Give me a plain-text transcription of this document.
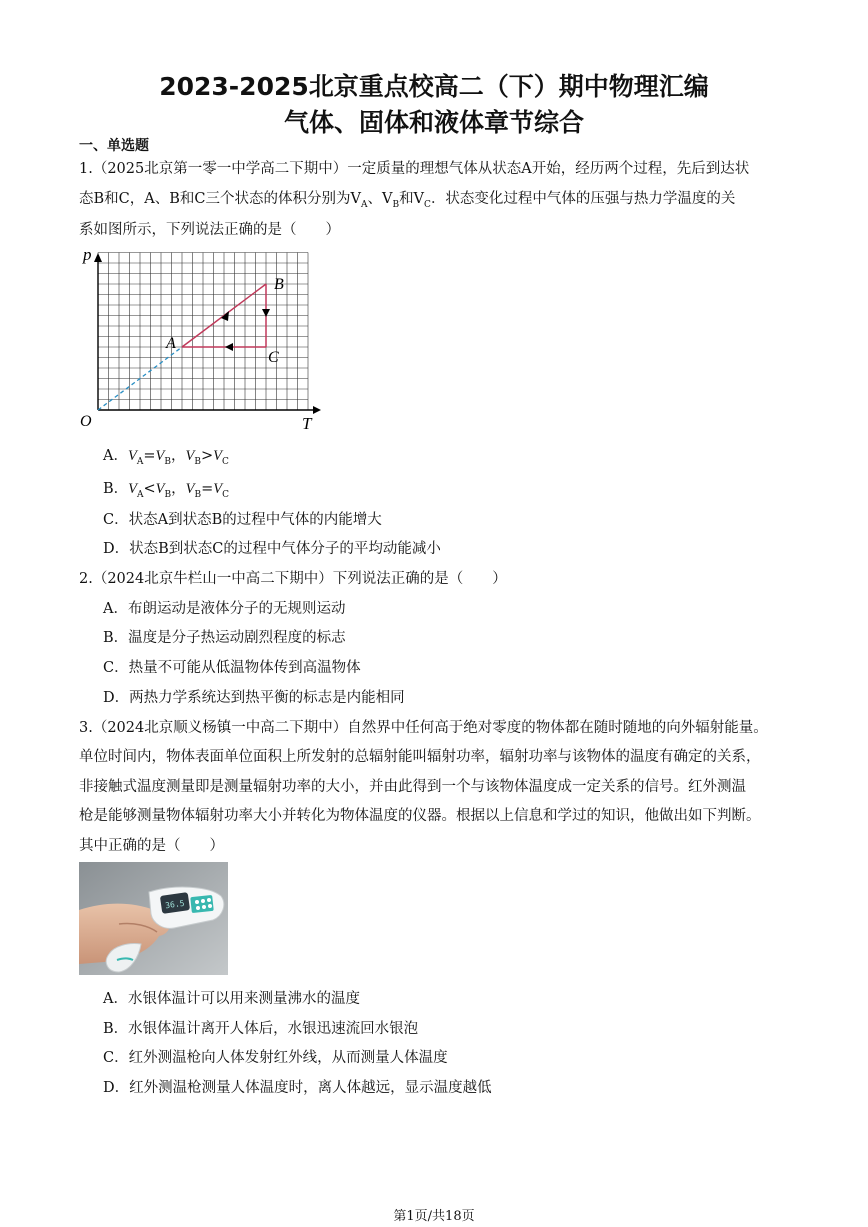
2023-2025北京重点校高二（下）期中物理汇编
气体、固体和液体章节综合
一、单选题
1.（2025北京第一零一中学高二下期中）一定质量的理想气体从状态A开始，经历两个过程，先后到达状
态B和C，A、B和C三个状态的体积分别为$V_A$、$V_B$和$V_C$．状态变化过程中气体的压强与热力学温度的关
系如图所示，下列说法正确的是（　　）
p
T
O
A
B
C
A．$V_A=V_B$，$V_B>V_C$
B．$V_A<V_B$，$V_B=V_C$
C．状态A到状态B的过程中气体的内能增大
D．状态B到状态C的过程中气体分子的平均动能减小
2.（2024北京牛栏山一中高二下期中）下列说法正确的是（　　）
A．布朗运动是液体分子的无规则运动
B．温度是分子热运动剧烈程度的标志
C．热量不可能从低温物体传到高温物体
D．两热力学系统达到热平衡的标志是内能相同
3.（2024北京顺义杨镇一中高二下期中）自然界中任何高于绝对零度的物体都在随时随地的向外辐射能量。
单位时间内，物体表面单位面积上所发射的总辐射能叫辐射功率，辐射功率与该物体的温度有确定的关系，
非接触式温度测量即是测量辐射功率的大小，并由此得到一个与该物体温度成一定关系的信号。红外测温
枪是能够测量物体辐射功率大小并转化为物体温度的仪器。根据以上信息和学过的知识，他做出如下判断。
其中正确的是（　　）
36.5
A．水银体温计可以用来测量沸水的温度
B．水银体温计离开人体后，水银迅速流回水银泡
C．红外测温枪向人体发射红外线，从而测量人体温度
D．红外测温枪测量人体温度时，离人体越远，显示温度越低
第1页/共18页
